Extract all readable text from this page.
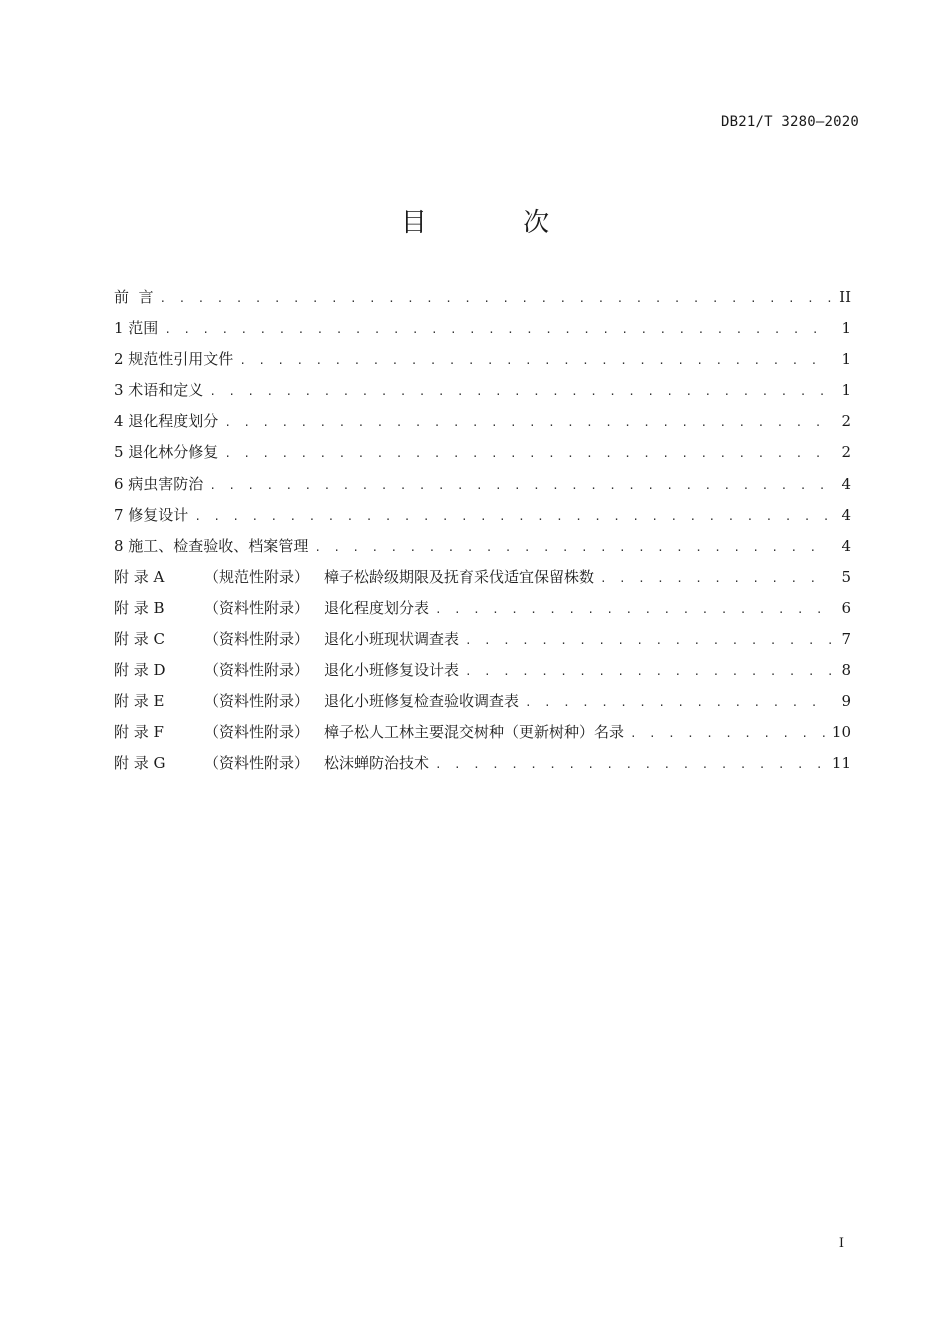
DB21/T 3280—2020
目 次
前  言 . . .	II
1 范围 . . .	1
2 规范性引用文件 . . .	1
3 术语和定义 . . .	1
4 退化程度划分 . . .	2
5 退化林分修复 . . .	2
6 病虫害防治 . . .	4
7 修复设计 . . .	4
8 施工、检查验收、档案管理 . . .	4
附 录 A	（规范性附录） 樟子松龄级期限及抚育采伐适宜保留株数 . . .	5
附 录 B	（资料性附录） 退化程度划分表 . . .	6
附 录 C	（资料性附录） 退化小班现状调查表 . . .	7
附 录 D	（资料性附录） 退化小班修复设计表 . . .	8
附 录 E	（资料性附录） 退化小班修复检查验收调查表 . . .	9
附 录 F	（资料性附录） 樟子松人工林主要混交树种（更新树种）名录 . . .	10
附 录 G	（资料性附录） 松沫蝉防治技术 . . .	11
I
